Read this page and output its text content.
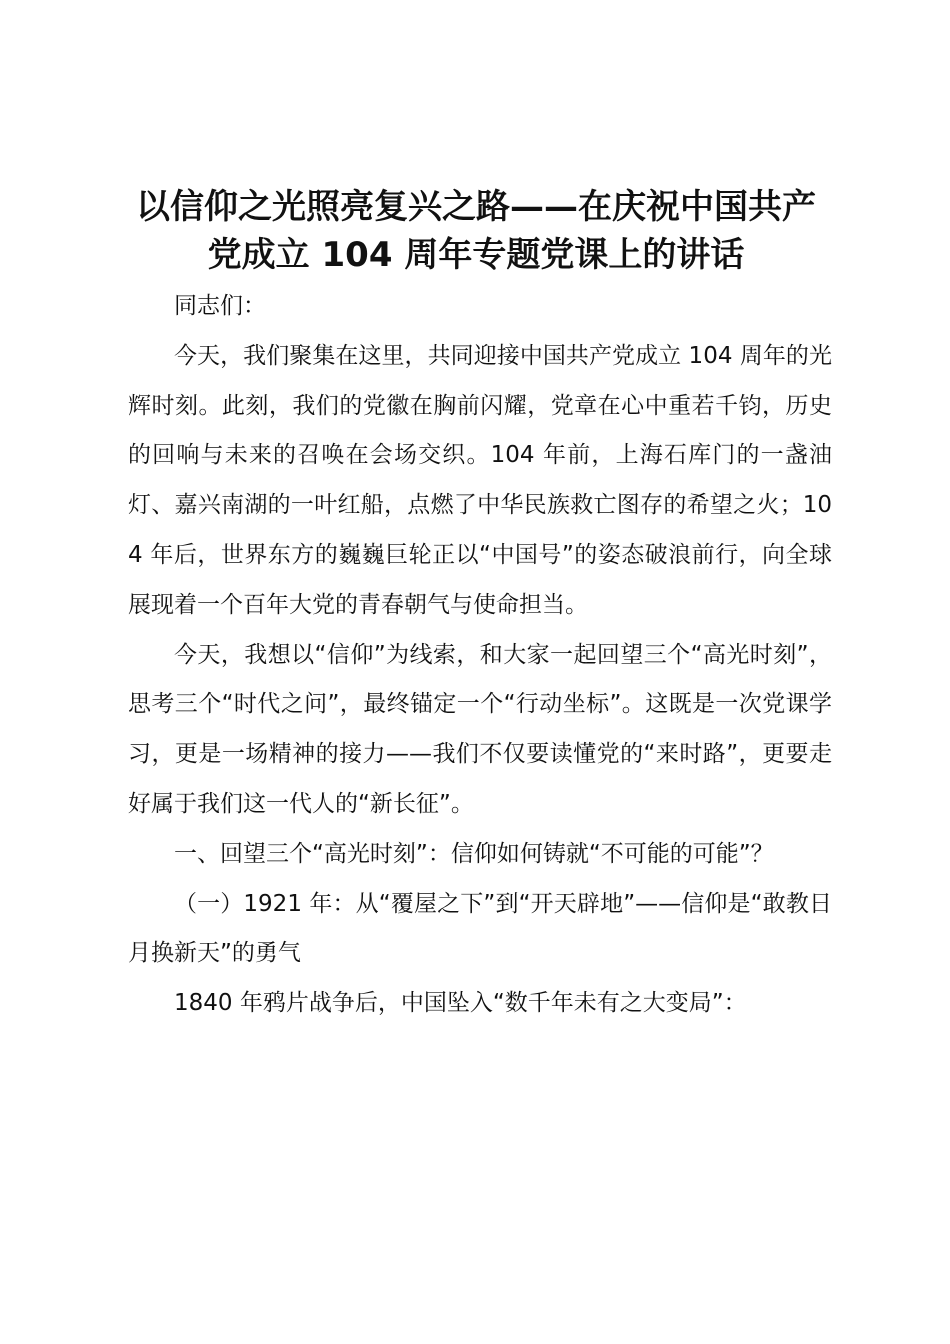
以信仰之光照亮复兴之路——在庆祝中国共产党成立 104 周年专题党课上的讲话

同志们：

今天，我们聚集在这里，共同迎接中国共产党成立 104 周年的光辉时刻。此刻，我们的党徽在胸前闪耀，党章在心中重若千钧，历史的回响与未来的召唤在会场交织。104 年前，上海石库门的一盏油灯、嘉兴南湖的一叶红船，点燃了中华民族救亡图存的希望之火；104 年后，世界东方的巍巍巨轮正以“中国号”的姿态破浪前行，向全球展现着一个百年大党的青春朝气与使命担当。

今天，我想以“信仰”为线索，和大家一起回望三个“高光时刻”，思考三个“时代之问”，最终锚定一个“行动坐标”。这既是一次党课学习，更是一场精神的接力——我们不仅要读懂党的“来时路”，更要走好属于我们这一代人的“新长征”。

一、回望三个“高光时刻”：信仰如何铸就“不可能的可能”？

（一）1921 年：从“覆屋之下”到“开天辟地”——信仰是“敢教日月换新天”的勇气

1840 年鸦片战争后，中国坠入“数千年未有之大变局”：
